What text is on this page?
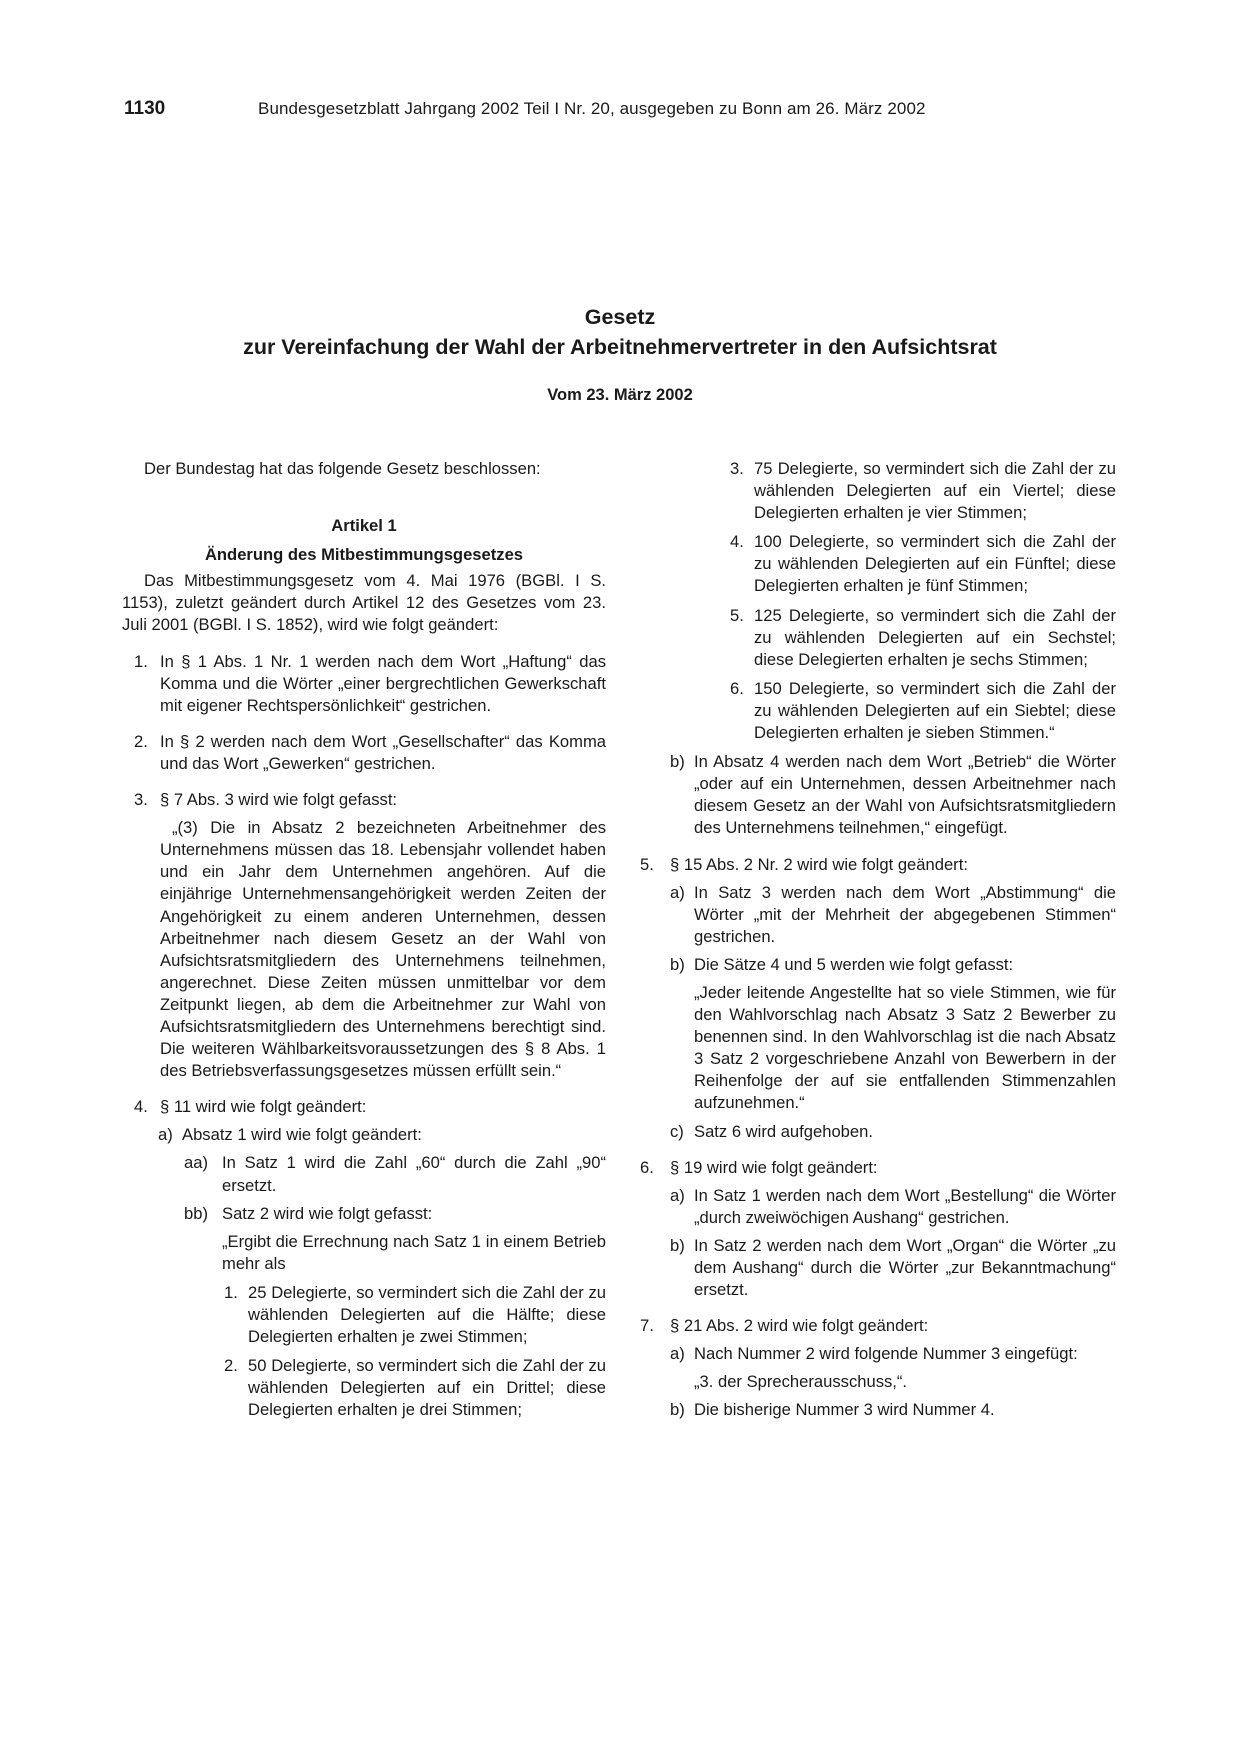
1130	Bundesgesetzblatt Jahrgang 2002 Teil I Nr. 20, ausgegeben zu Bonn am 26. März 2002
Gesetz
zur Vereinfachung der Wahl der Arbeitnehmervertreter in den Aufsichtsrat
Vom 23. März 2002

Der Bundestag hat das folgende Gesetz beschlossen:

Artikel 1

Änderung des Mitbestimmungsgesetzes

Das Mitbestimmungsgesetz vom 4. Mai 1976 (BGBl. I S. 1153), zuletzt geändert durch Artikel 12 des Gesetzes vom 23. Juli 2001 (BGBl. I S. 1852), wird wie folgt geändert:

1. In § 1 Abs. 1 Nr. 1 werden nach dem Wort „Haftung“ das Komma und die Wörter „einer bergrechtlichen Gewerkschaft mit eigener Rechtspersönlichkeit“ gestrichen.
2. In § 2 werden nach dem Wort „Gesellschafter“ das Komma und das Wort „Gewerken“ gestrichen.
3. § 7 Abs. 3 wird wie folgt gefasst:

„(3) Die in Absatz 2 bezeichneten Arbeitnehmer des Unternehmens müssen das 18. Lebensjahr vollendet haben und ein Jahr dem Unternehmen angehören. Auf die einjährige Unternehmensangehörigkeit werden Zeiten der Angehörigkeit zu einem anderen Unternehmen, dessen Arbeitnehmer nach diesem Gesetz an der Wahl von Aufsichtsratsmitgliedern des Unternehmens teilnehmen, angerechnet. Diese Zeiten müssen unmittelbar vor dem Zeitpunkt liegen, ab dem die Arbeitnehmer zur Wahl von Aufsichtsratsmitgliedern des Unternehmens berechtigt sind. Die weiteren Wählbarkeitsvoraussetzungen des § 8 Abs. 1 des Betriebsverfassungsgesetzes müssen erfüllt sein.“

4. § 11 wird wie folgt geändert:
a) Absatz 1 wird wie folgt geändert:
aa) In Satz 1 wird die Zahl „60“ durch die Zahl „90“ ersetzt.
bb) Satz 2 wird wie folgt gefasst:

„Ergibt die Errechnung nach Satz 1 in einem Betrieb mehr als

1. 25 Delegierte, so vermindert sich die Zahl der zu wählenden Delegierten auf die Hälfte; diese Delegierten erhalten je zwei Stimmen;
2. 50 Delegierte, so vermindert sich die Zahl der zu wählenden Delegierten auf ein Drittel; diese Delegierten erhalten je drei Stimmen;
3. 75 Delegierte, so vermindert sich die Zahl der zu wählenden Delegierten auf ein Viertel; diese Delegierten erhalten je vier Stimmen;
4. 100 Delegierte, so vermindert sich die Zahl der zu wählenden Delegierten auf ein Fünftel; diese Delegierten erhalten je fünf Stimmen;
5. 125 Delegierte, so vermindert sich die Zahl der zu wählenden Delegierten auf ein Sechstel; diese Delegierten erhalten je sechs Stimmen;
6. 150 Delegierte, so vermindert sich die Zahl der zu wählenden Delegierten auf ein Siebtel; diese Delegierten erhalten je sieben Stimmen.“
b) In Absatz 4 werden nach dem Wort „Betrieb“ die Wörter „oder auf ein Unternehmen, dessen Arbeitnehmer nach diesem Gesetz an der Wahl von Aufsichtsratsmitgliedern des Unternehmens teilnehmen,“ eingefügt.
5. § 15 Abs. 2 Nr. 2 wird wie folgt geändert:
a) In Satz 3 werden nach dem Wort „Abstimmung“ die Wörter „mit der Mehrheit der abgegebenen Stimmen“ gestrichen.
b) Die Sätze 4 und 5 werden wie folgt gefasst:

„Jeder leitende Angestellte hat so viele Stimmen, wie für den Wahlvorschlag nach Absatz 3 Satz 2 Bewerber zu benennen sind. In den Wahlvorschlag ist die nach Absatz 3 Satz 2 vorgeschriebene Anzahl von Bewerbern in der Reihenfolge der auf sie entfallenden Stimmenzahlen aufzunehmen.“

c) Satz 6 wird aufgehoben.
6. § 19 wird wie folgt geändert:
a) In Satz 1 werden nach dem Wort „Bestellung“ die Wörter „durch zweiwöchigen Aushang“ gestrichen.
b) In Satz 2 werden nach dem Wort „Organ“ die Wörter „zu dem Aushang“ durch die Wörter „zur Bekanntmachung“ ersetzt.
7. § 21 Abs. 2 wird wie folgt geändert:
a) Nach Nummer 2 wird folgende Nummer 3 eingefügt:

„3. der Sprecherausschuss,“.

b) Die bisherige Nummer 3 wird Nummer 4.
